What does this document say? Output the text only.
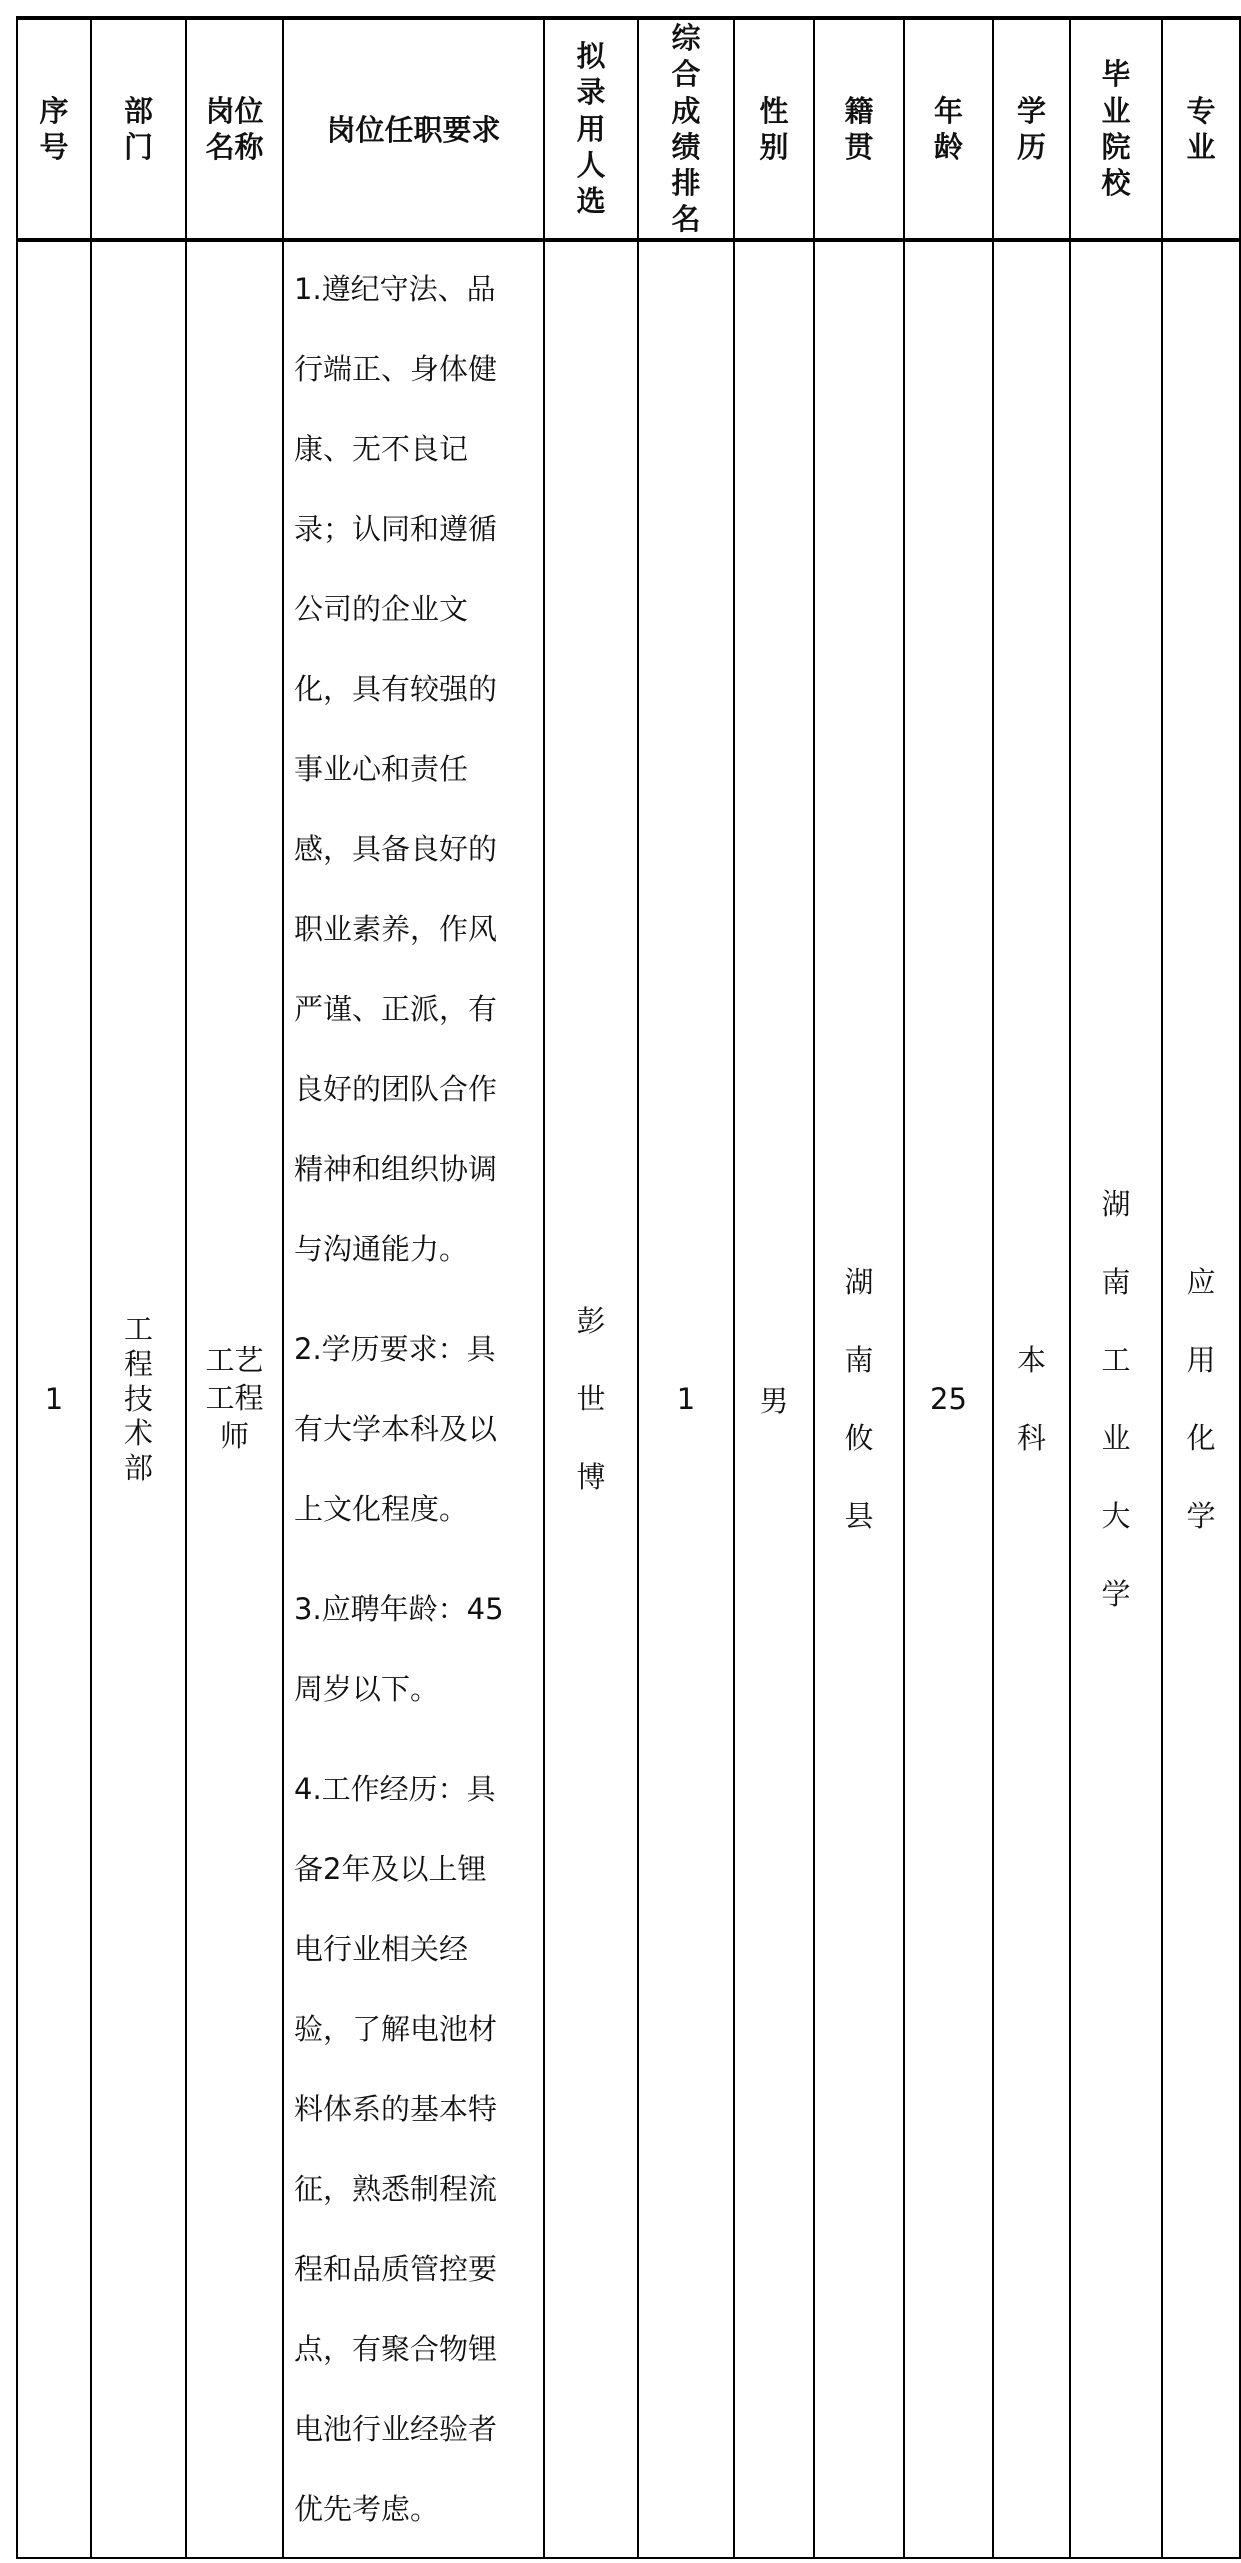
序号	部门	岗位名称	岗位任职要求	拟录用人选	综合成绩排名	性别	籍贯	年龄	学历	毕业院校	专业
1	工程技术部	工艺工程师	1.遵纪守法、品行端正、身体健康、无不良记录；认同和遵循公司的企业文化，具有较强的事业心和责任感，具备良好的职业素养，作风严谨、正派，有良好的团队合作精神和组织协调与沟通能力。

2.学历要求：具有大学本科及以上文化程度。

3.应聘年龄：45周岁以下。

4.工作经历：具备2年及以上锂电行业相关经验，了解电池材料体系的基本特征，熟悉制程流程和品质管控要点，有聚合物锂电池行业经验者优先考虑。	彭世博	1	男	湖南攸县	25	本科	湖南工业大学	应用化学
